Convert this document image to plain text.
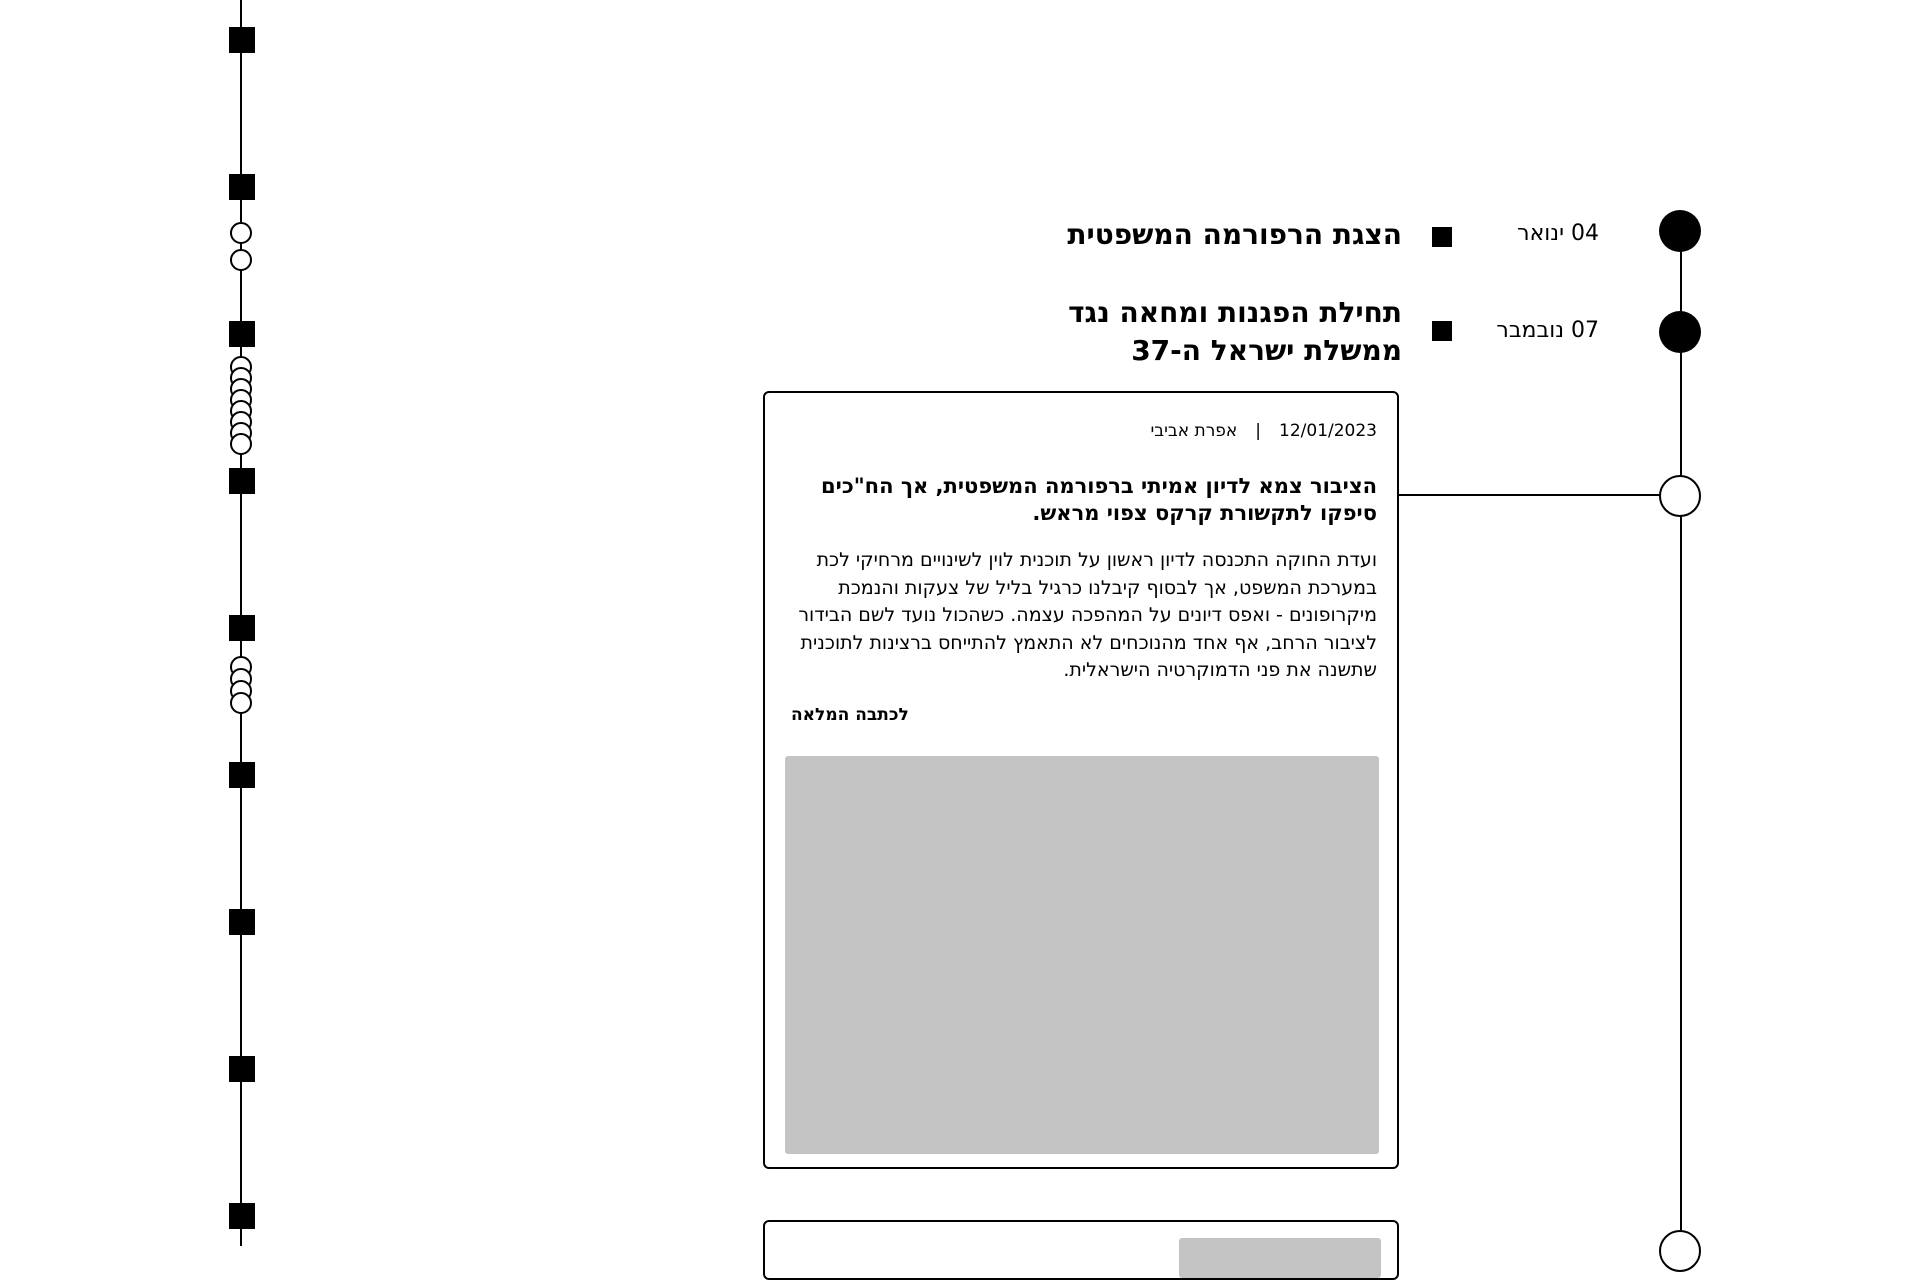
04 ינואר
הצגת הרפורמה המשפטית
07 נובמבר
תחילת הפגנות ומחאה נגד ממשלת ישראל ה-37
12/01/2023
|
אפרת אביבי
הציבור צמא לדיון אמיתי ברפורמה המשפטית, אך הח"כים סיפקו לתקשורת קרקס צפוי מראש.
ועדת החוקה התכנסה לדיון ראשון על תוכנית לוין לשינויים מרחיקי לכת במערכת המשפט, אך לבסוף קיבלנו כרגיל בליל של צעקות והנמכת מיקרופונים - ואפס דיונים על המהפכה עצמה. כשהכול נועד לשם הבידור לציבור הרחב, אף אחד מהנוכחים לא התאמץ להתייחס ברצינות לתוכנית שתשנה את פני הדמוקרטיה הישראלית.
לכתבה המלאה
